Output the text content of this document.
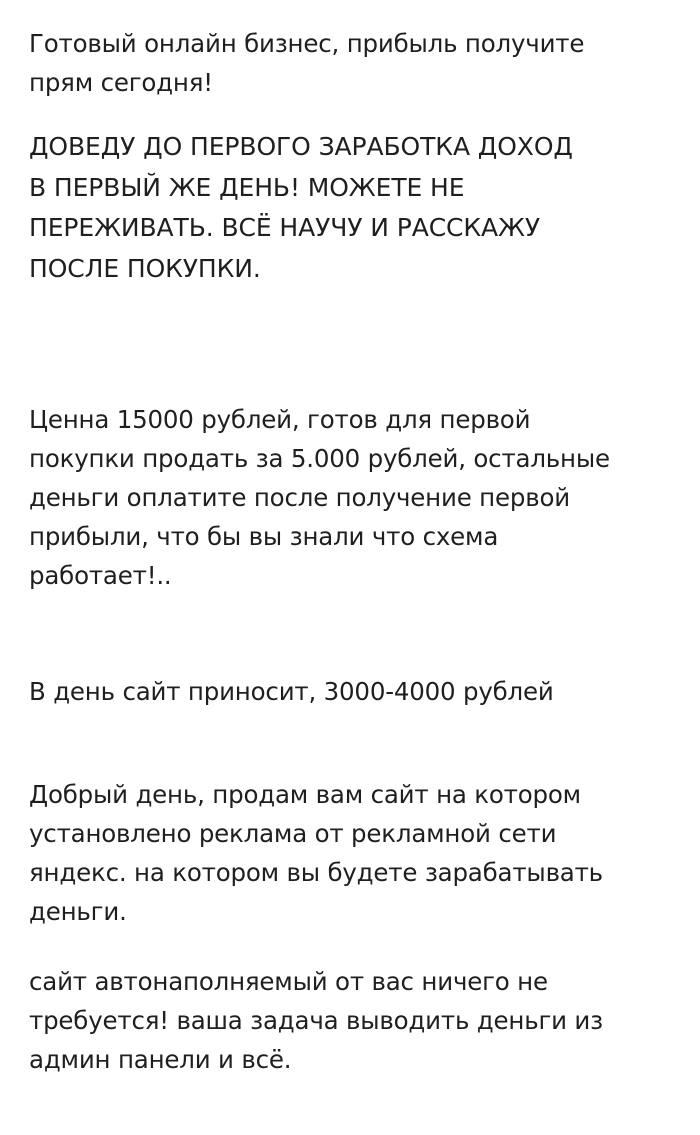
Готовый онлайн бизнес, прибыль получите
прям сегодня!

ДОВЕДУ ДО ПЕРВОГО ЗАРАБОТКА ДОХОД
В ПЕРВЫЙ ЖЕ ДЕНЬ! МОЖЕТЕ НЕ
ПЕРЕЖИВАТЬ. ВСЁ НАУЧУ И РАССКАЖУ
ПОСЛЕ ПОКУПКИ.

Ценна 15000 рублей, готов для первой
покупки продать за 5.000 рублей, остальные
деньги оплатите после получение первой
прибыли, что бы вы знали что схема
работает!..

В день сайт приносит, 3000-4000 рублей

Добрый день, продам вам сайт на котором
установлено реклама от рекламной сети
яндекс. на котором вы будете зарабатывать
деньги.

сайт автонаполняемый от вас ничего не
требуется! ваша задача выводить деньги из
админ панели и всё.
